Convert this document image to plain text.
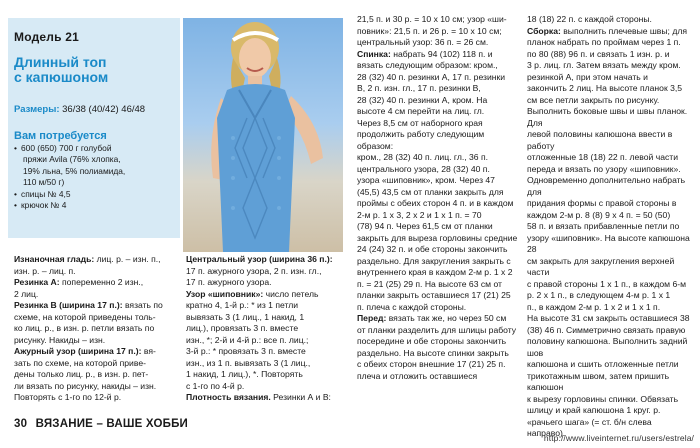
Модель 21
Длинный топ
с капюшоном
Размеры: 36/38 (40/42) 46/48
Вам потребуется
• 600 (650) 700 г голубой
пряжи Avila (76% хлопка,
19% льна, 5% полиамида,
110 м/50 г)
• спицы № 4,5
• крючок № 4

Изнаночная гладь: лиц. р. – изн. п.,

изн. р. – лиц. п.

Резинка А: попеременно 2 изн.,

2 лиц.

Резинка В (ширина 17 п.): вязать по

схеме, на которой приведены толь-

ко лиц. р., в изн. р. петли вязать по

рисунку. Накиды – изн.

Ажурный узор (ширина 17 п.): вя-

зать по схеме, на которой приве-

дены только лиц. р., в изн. р. пет-

ли вязать по рисунку, накиды – изн.

Повторять с 1-го по 12-й р.

Центральный узор (ширина 36 п.):

17 п. ажурного узора, 2 п. изн. гл.,

17 п. ажурного узора.

Узор «шиповник»: число петель

кратно 4, 1-й р.: * из 1 петли

вывязать 3 (1 лиц., 1 накид, 1

лиц.), провязать 3 п. вместе

изн., *; 2-й и 4-й р.: все п. лиц.;

3-й р.: * провязать 3 п. вместе

изн., из 1 п. вывязать 3 (1 лиц.,

1 накид, 1 лиц.), *. Повторять

с 1-го по 4-й р.

Плотность вязания. Резинки А и В:

21,5 п. и 30 р. = 10 х 10 см; узор «ши-

повник»: 21,5 п. и 26 р. = 10 х 10 см;

центральный узор: 36 п. = 26 см.

Спинка: набрать 94 (102) 118 п. и

вязать следующим образом: кром.,

28 (32) 40 п. резинки А, 17 п. резинки

В, 2 п. изн. гл., 17 п. резинки В,

28 (32) 40 п. резинки А, кром. На

высоте 4 см перейти на лиц. гл.

Через 8,5 см от наборного края

продолжить работу следующим образом:

кром., 28 (32) 40 п. лиц. гл., 36 п.

центрального узора, 28 (32) 40 п.

узора «шиповник», кром. Через 47

(45,5) 43,5 см от планки закрыть для

проймы с обеих сторон 4 п. и в каждом

2-м р. 1 х 3, 2 х 2 и 1 х 1 п. = 70

(78) 94 п. Через 61,5 см от планки

закрыть для выреза горловины средние

24 (24) 32 п. и обе стороны закончить

раздельно. Для закругления закрыть с

внутреннего края в каждом 2-м р. 1 х 2

п. = 21 (25) 29 п. На высоте 63 см от

планки закрыть оставшиеся 17 (21) 25

п. плеча с каждой стороны.

Перед: вязать так же, но через 50 см

от планки разделить для шлицы работу

посередине и обе стороны закончить

раздельно. На высоте спинки закрыть

с обеих сторон внешние 17 (21) 25 п.

плеча и отложить оставшиеся

18 (18) 22 п. с каждой стороны.

Сборка: выполнить плечевые швы; для

планок набрать по проймам через 1 п.

по 80 (88) 96 п. и связать 1 изн. р. и

3 р. лиц. гл. Затем вязать между кром.

резинкой А, при этом начать и

закончить 2 лиц. На высоте планок 3,5

см все петли закрыть по рисунку.

Выполнить боковые швы и швы планок. Для

левой половины капюшона ввести в работу

отложенные 18 (18) 22 п. левой части

переда и вязать по узору «шиповник».

Одновременно дополнительно набрать для

придания формы с правой стороны в

каждом 2-м р. 8 (8) 9 х 4 п. = 50 (50)

58 п. и вязать прибавленные петли по

узору «шиповник». На высоте капюшона 28

см закрыть для закругления верхней части

с правой стороны 1 х 1 п., в каждом 6-м

р. 2 х 1 п., в следующем 4-м р. 1 х 1

п., в каждом 2-м р. 1 х 2 и 1 х 1 п.

На высоте 31 см закрыть оставшиеся 38

(38) 46 п. Симметрично связать правую

половину капюшона. Выполнить задний шов

капюшона и сшить отложенные петли

трикотажным швом, затем пришить капюшон

к вырезу горловины спинки. Обвязать

шлицу и край капюшона 1 круг. р.

«рачьего шага» (= ст. б/н слева

направо).

30 ВЯЗАНИЕ – ВАШЕ ХОББИ
http://www.liveinternet.ru/users/estrela/
